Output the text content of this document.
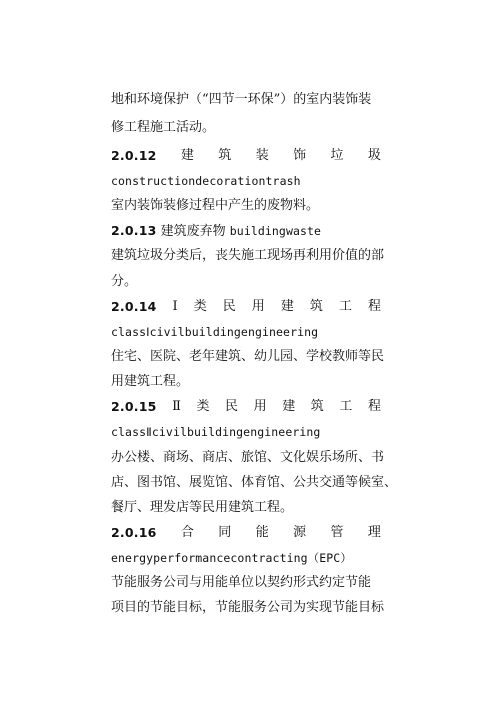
地和环境保护（“四节一环保”）的室内装饰装
修工程施工活动。
2.0.12 建 筑 装 饰 垃 圾
constructiondecorationtrash
室内装饰装修过程中产生的废物料。
2.0.13 建筑废弃物 buildingwaste
建筑垃圾分类后，丧失施工现场再利用价值的部
分。
2.0.14 Ⅰ 类 民 用 建 筑 工 程
classⅠcivilbuildingengineering
住宅、医院、老年建筑、幼儿园、学校教师等民
用建筑工程。
2.0.15 Ⅱ 类 民 用 建 筑 工 程
classⅡcivilbuildingengineering
办公楼、商场、商店、旅馆、文化娱乐场所、书
店、图书馆、展览馆、体育馆、公共交通等候室、
餐厅、理发店等民用建筑工程。
2.0.16 合 同 能 源 管 理
energyperformancecontracting（EPC）
节能服务公司与用能单位以契约形式约定节能
项目的节能目标，节能服务公司为实现节能目标
